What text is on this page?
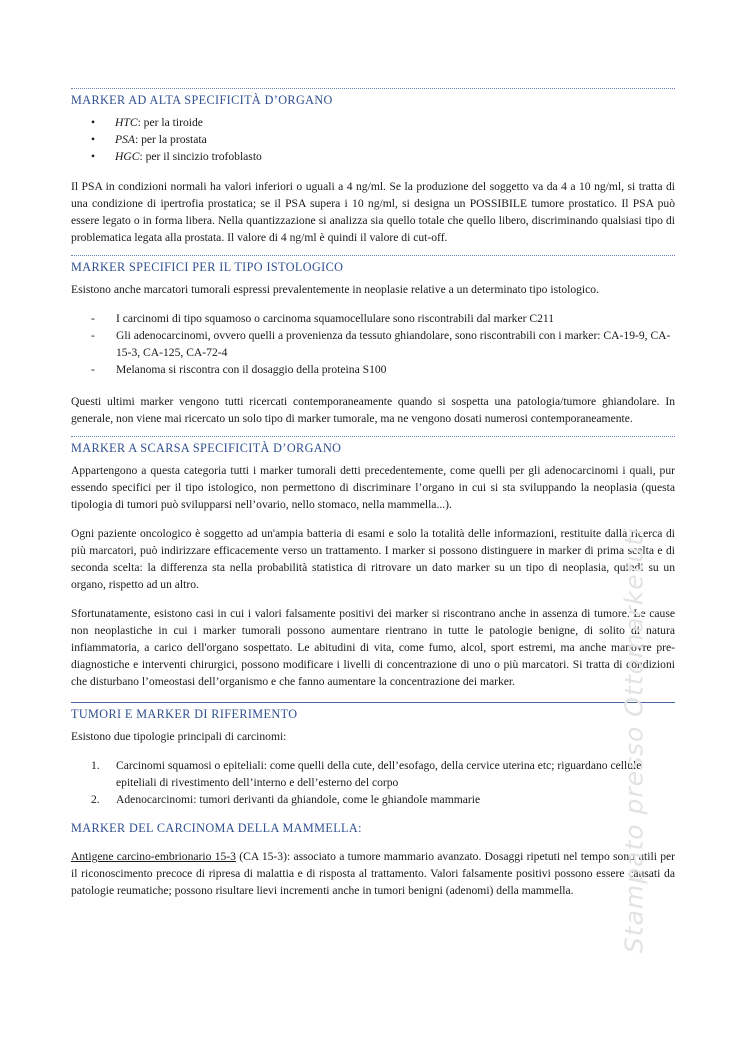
MARKER AD ALTA SPECIFICITÀ D’ORGANO
• HTC: per la tiroide
• PSA: per la prostata
• HGC: per il sincizio trofoblasto

Il PSA in condizioni normali ha valori inferiori o uguali a 4 ng/ml. Se la produzione del soggetto va da 4 a 10 ng/ml, si tratta di una condizione di ipertrofia prostatica; se il PSA supera i 10 ng/ml, si designa un POSSIBILE tumore prostatico. Il PSA può essere legato o in forma libera. Nella quantizzazione si analizza sia quello totale che quello libero, discriminando qualsiasi tipo di problematica legata alla prostata. Il valore di 4 ng/ml è quindi il valore di cut-off.

MARKER SPECIFICI PER IL TIPO ISTOLOGICO

Esistono anche marcatori tumorali espressi prevalentemente in neoplasie relative a un determinato tipo istologico.

- I carcinomi di tipo squamoso o carcinoma squamocellulare sono riscontrabili dal marker C211
- Gli adenocarcinomi, ovvero quelli a provenienza da tessuto ghiandolare, sono riscontrabili con i marker: CA-19-9, CA-15-3, CA-125, CA-72-4
- Melanoma si riscontra con il dosaggio della proteina S100

Questi ultimi marker vengono tutti ricercati contemporaneamente quando si sospetta una patologia/tumore ghiandolare. In generale, non viene mai ricercato un solo tipo di marker tumorale, ma ne vengono dosati numerosi contemporaneamente.

MARKER A SCARSA SPECIFICITÀ D’ORGANO

Appartengono a questa categoria tutti i marker tumorali detti precedentemente, come quelli per gli adenocarcinomi i quali, pur essendo specifici per il tipo istologico, non permettono di discriminare l’organo in cui si sta sviluppando la neoplasia (questa tipologia di tumori può svilupparsi nell’ovario, nello stomaco, nella mammella...).

Ogni paziente oncologico è soggetto ad un'ampia batteria di esami e solo la totalità delle informazioni, restituite dalla ricerca di più marcatori, può indirizzare efficacemente verso un trattamento. I marker si possono distinguere in marker di prima scelta e di seconda scelta: la differenza sta nella probabilità statistica di ritrovare un dato marker su un tipo di neoplasia, quindi su un organo, rispetto ad un altro.

Sfortunatamente, esistono casi in cui i valori falsamente positivi dei marker si riscontrano anche in assenza di tumore. Le cause non neoplastiche in cui i marker tumorali possono aumentare rientrano in tutte le patologie benigne, di solito di natura infiammatoria, a carico dell'organo sospettato. Le abitudini di vita, come fumo, alcol, sport estremi, ma anche manovre pre-diagnostiche e interventi chirurgici, possono modificare i livelli di concentrazione di uno o più marcatori. Si tratta di condizioni che disturbano l’omeostasi dell’organismo e che fanno aumentare la concentrazione dei marker.

TUMORI E MARKER DI RIFERIMENTO

Esistono due tipologie principali di carcinomi:

1. Carcinomi squamosi o epiteliali: come quelli della cute, dell’esofago, della cervice uterina etc; riguardano cellule epiteliali di rivestimento dell’interno e dell’esterno del corpo
2. Adenocarcinomi: tumori derivanti da ghiandole, come le ghiandole mammarie
MARKER DEL CARCINOMA DELLA MAMMELLA:

Antigene carcino-embrionario 15-3 (CA 15-3): associato a tumore mammario avanzato. Dosaggi ripetuti nel tempo sono utili per il riconoscimento precoce di ripresa di malattia e di risposta al trattamento. Valori falsamente positivi possono essere causati da patologie reumatiche; possono risultare lievi incrementi anche in tumori benigni (adenomi) della mammella.	Stampato presso Ottomarketuti
